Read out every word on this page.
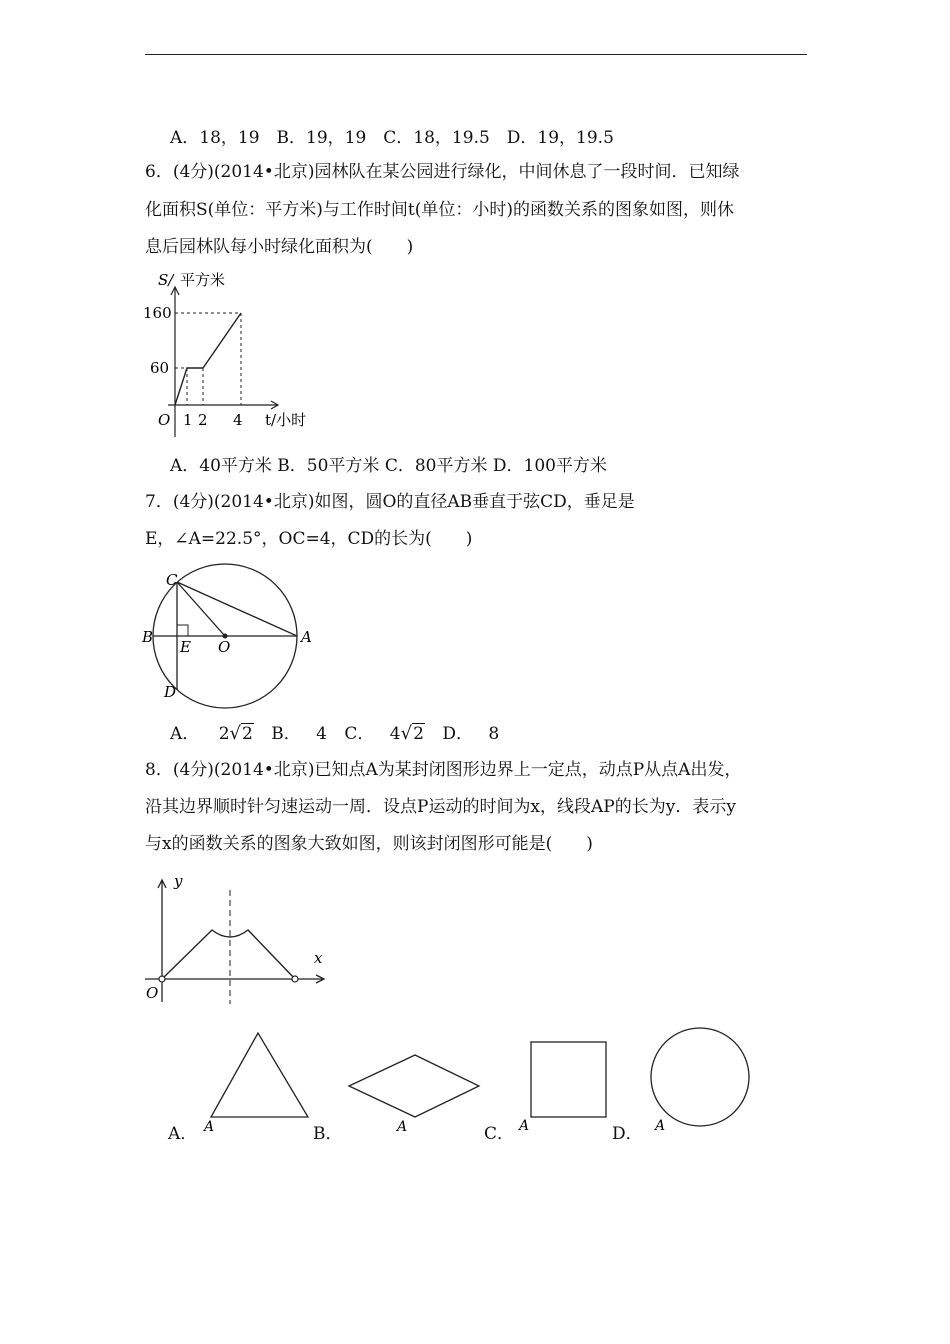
A．18，19　B．19，19　C．18，19.5　D．19，19.5
6．(4分)(2014•北京)园林队在某公园进行绿化，中间休息了一段时间．已知绿
化面积S(单位：平方米)与工作时间t(单位：小时)的函数关系的图象如图，则休
息后园林队每小时绿化面积为(　　)
S/ 平方米
160
60
O 1 2 4 t/小时
A．40平方米 B．50平方米 C．80平方米 D．100平方米
7．(4分)(2014•北京)如图，圆O的直径AB垂直于弦CD，垂足是
E，∠A=22.5°，OC=4，CD的长为(　　)
C
B
E O
A
D
A． 2√2 B． 4 C． 4√2 D． 8
8．(4分)(2014•北京)已知点A为某封闭图形边界上一定点，动点P从点A出发，
沿其边界顺时针匀速运动一周．设点P运动的时间为x，线段AP的长为y．表示y
与x的函数关系的图象大致如图，则该封闭图形可能是(　　)
y
x
O
A． A	B．	A	C． A	D． A
